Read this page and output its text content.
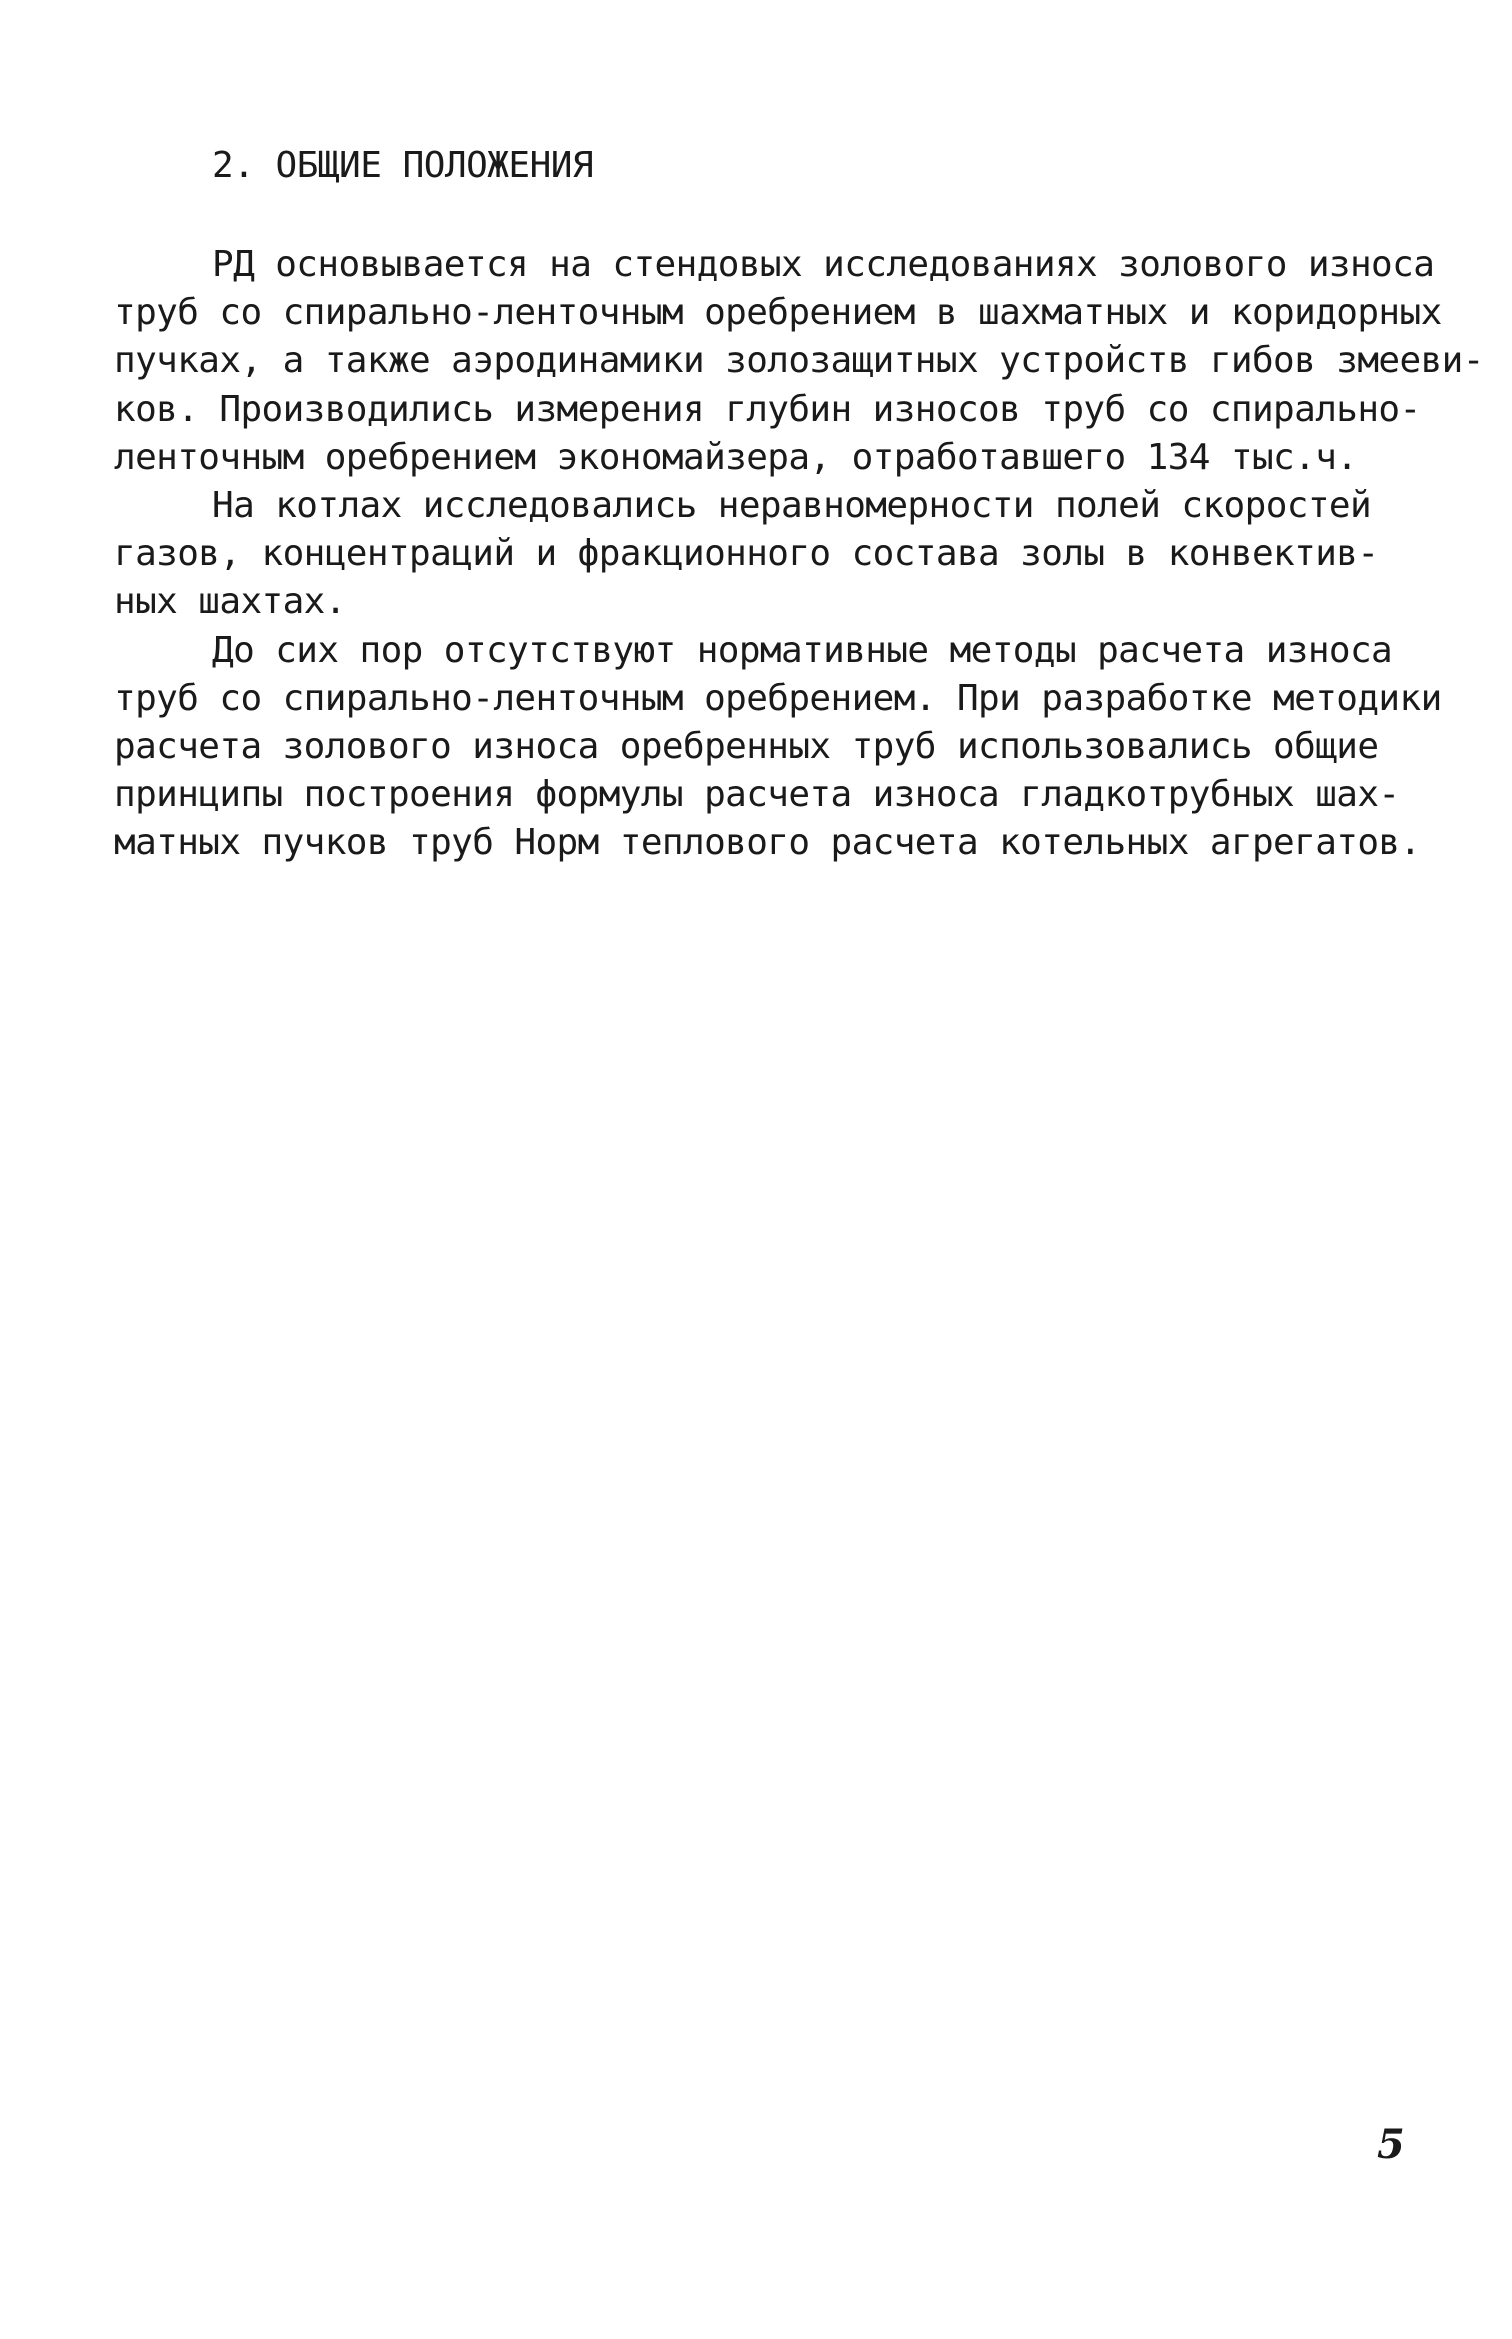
2. ОБЩИЕ ПОЛОЖЕНИЯ
РД основывается на стендовых исследованиях золового износа
труб со спирально-ленточным оребрением в шахматных и коридорных
пучках, а также аэродинамики золозащитных устройств гибов змееви-
ков. Производились измерения глубин износов труб со спирально-
ленточным оребрением экономайзера, отработавшего 134 тыс.ч.
На котлах исследовались неравномерности полей скоростей
газов, концентраций и фракционного состава золы в конвектив-
ных шахтах.
До сих пор отсутствуют нормативные методы расчета износа
труб со спирально-ленточным оребрением. При разработке методики
расчета золового износа оребренных труб использовались общие
принципы построения формулы расчета износа гладкотрубных шах-
матных пучков труб Норм теплового расчета котельных агрегатов.
5
